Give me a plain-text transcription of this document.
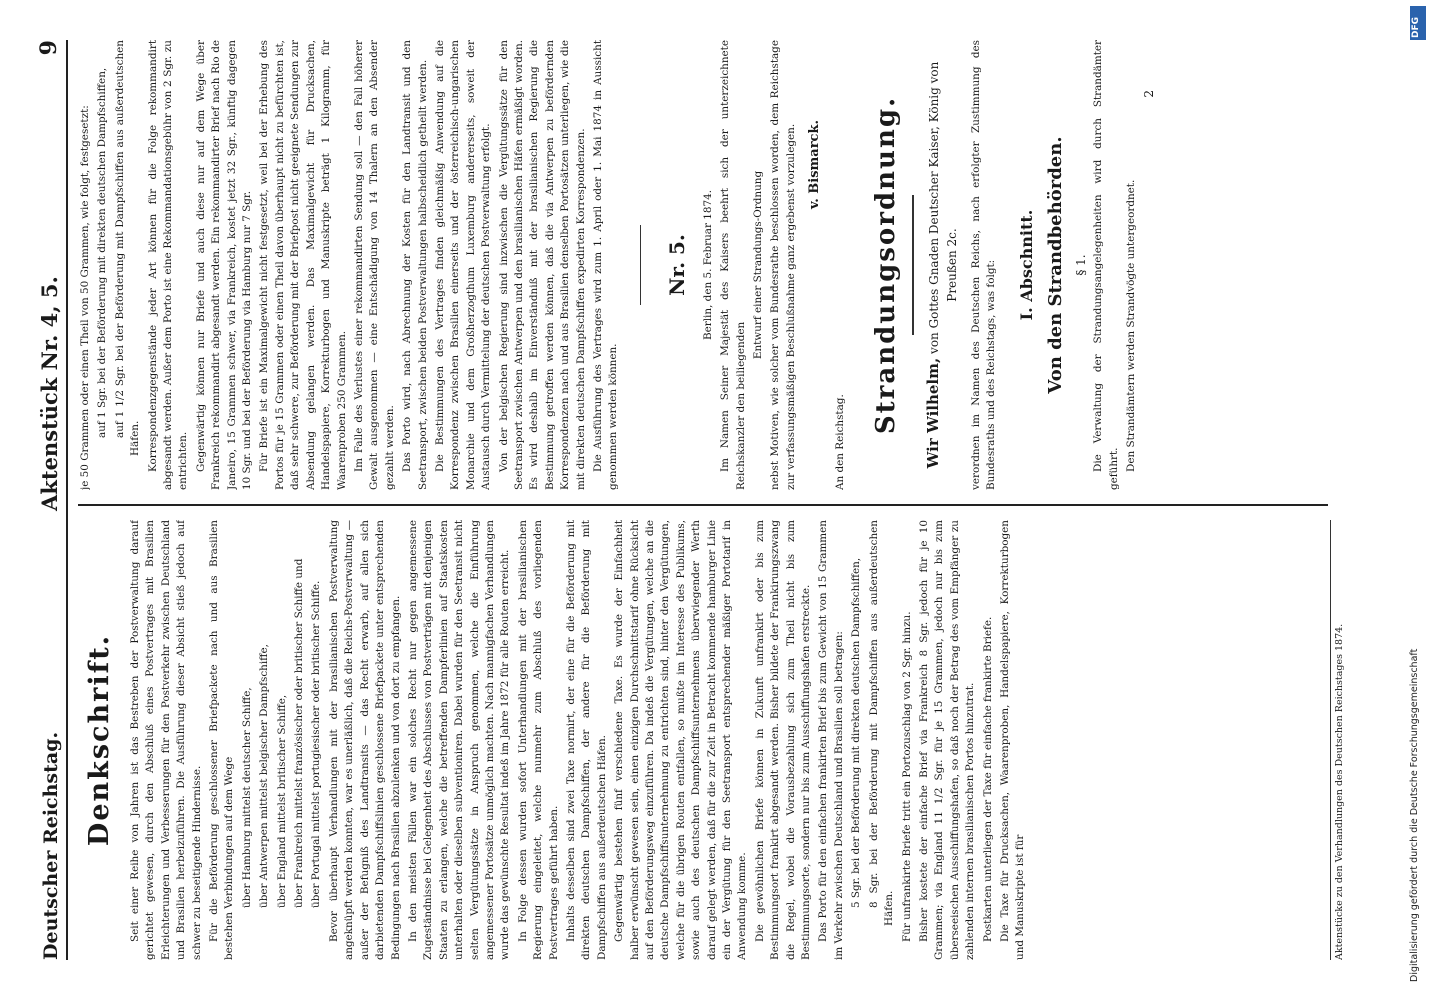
Deutscher Reichstag.
Aktenstück Nr. 4, 5.
9
Denkschrift.	Seit einer Reihe von Jahren ist das Bestreben der Postverwaltung darauf gerichtet gewesen, durch den Abschluß eines Postvertrages mit Brasilien Erleichterungen und Verbesserungen für den Postverkehr zwischen Deutschland und Brasilien herbeizuführen. Die Ausführung dieser Absicht stieß jedoch auf schwer zu beseitigende Hindernisse. Für die Beförderung geschlossener Briefpackete nach und aus Brasilien bestehen Verbindungen auf dem Wege über Hamburg mittelst deutscher Schiffe, über Antwerpen mittelst belgischer Dampfschiffe, über England mittelst britischer Schiffe, über Frankreich mittelst französischer oder britischer Schiffe und über Portugal mittelst portugiesischer oder britischer Schiffe. Bevor überhaupt Verhandlungen mit der brasilianischen Postverwaltung angeknüpft werden konnten, war es unerläßlich, daß die Reichs-Postverwaltung — außer der Befugniß des Landtransits — das Recht erwarb, auf allen sich darbietenden Dampfschiffslinien geschlossene Briefpackete unter entsprechenden Bedingungen nach Brasilien abzulenken und von dort zu empfangen. In den meisten Fällen war ein solches Recht nur gegen angemessene Zugeständnisse bei Gelegenheit des Abschlusses von Postverträgen mit denjenigen Staaten zu erlangen, welche die betreffenden Dampferlinien auf Staatskosten unterhalten oder dieselben subventioniren. Dabei wurden für den Seetransit nicht selten Vergütungssätze in Anspruch genommen, welche die Einführung angemessener Portosätze unmöglich machten. Nach mannigfachen Verhandlungen wurde das gewünschte Resultat indeß im Jahre 1872 für alle Routen erreicht. In Folge dessen wurden sofort Unterhandlungen mit der brasilianischen Regierung eingeleitet, welche nunmehr zum Abschluß des vorliegenden Postvertrages geführt haben. Inhalts desselben sind zwei Taxe normirt, der eine für die Beförderung mit direkten deutschen Dampfschiffen, der andere für die Beförderung mit Dampfschiffen aus außerdeutschen Häfen. Gegenwärtig bestehen fünf verschiedene Taxe. Es wurde der Einfachheit halber erwünscht gewesen sein, einen einzigen Durchschnittstarif ohne Rücksicht auf den Beförderungsweg einzuführen. Da indeß die Vergütungen, welche an die deutsche Dampfschiffsunternehmung zu entrichten sind, hinter den Vergütungen, welche für die übrigen Routen entfallen, so mußte im Interesse des Publikums, sowie auch des deutschen Dampfschiffsunternehmens überwiegender Werth darauf gelegt werden, daß für die zur Zeit in Betracht kommende hamburger Linie ein der Vergütung für den Seetransport entsprechender mäßiger Portotarif in Anwendung komme. Die gewöhnlichen Briefe können in Zukunft unfrankirt oder bis zum Bestimmungsort frankirt abgesandt werden. Bisher bildete der Frankirungszwang die Regel, wobei die Vorausbezahlung sich zum Theil nicht bis zum Bestimmungsorte, sondern nur bis zum Ausschiffungshafen erstreckte. Das Porto für den einfachen frankirten Brief bis zum Gewicht von 15 Grammen im Verkehr zwischen Deutschland und Brasilien soll betragen: 5 Sgr. bei der Beförderung mit direkten deutschen Dampfschiffen, 8 Sgr. bei der Beförderung mit Dampfschiffen aus außerdeutschen Häfen. Für unfrankirte Briefe tritt ein Portozuschlag von 2 Sgr. hinzu. Bisher kostete der einfache Brief via Frankreich 8 Sgr. jedoch für je 10 Grammen; via England 11 1/2 Sgr. für je 15 Grammen, jedoch nur bis zum überseeischen Ausschiffungshafen, so daß noch der Betrag des vom Empfänger zu zahlenden internen brasilianischen Portos hinzutrat. Postkarten unterliegen der Taxe für einfache frankirte Briefe. Die Taxe für Drucksachen, Waarenproben, Handelspapiere, Korrekturbogen und Manuskripte ist für	Aktenstücke zu den Verhandlungen des Deutschen Reichstages 1874.

je 50 Grammen oder einen Theil von 50 Grammen, wie folgt, festgesetzt: auf 1 Sgr. bei der Beförderung mit direkten deutschen Dampfschiffen, auf 1 1/2 Sgr. bei der Beförderung mit Dampfschiffen aus außerdeutschen Häfen. Korrespondenzgegenstände jeder Art können für die Folge rekommandirt abgesandt werden. Außer dem Porto ist eine Rekommandationsgebühr von 2 Sgr. zu entrichten. Gegenwärtig können nur Briefe und auch diese nur auf dem Wege über Frankreich rekommandirt abgesandt werden. Ein rekommandirter Brief nach Rio de Janeiro, 15 Grammen schwer, via Frankreich, kostet jetzt 32 Sgr., künftig dagegen 10 Sgr. und bei der Beförderung via Hamburg nur 7 Sgr. Für Briefe ist ein Maximalgewicht nicht festgesetzt, weil bei der Erhebung des Portos für je 15 Grammen oder einen Theil davon überhaupt nicht zu befürchten ist, daß sehr schwere, zur Beförderung mit der Briefpost nicht geeignete Sendungen zur Absendung gelangen werden. Das Maximalgewicht für Drucksachen, Handelspapiere, Korrekturbogen und Manuskripte beträgt 1 Kilogramm, für Waarenproben 250 Grammen. Im Falle des Verlustes einer rekommandirten Sendung soll — den Fall höherer Gewalt ausgenommen — eine Entschädigung von 14 Thalern an den Absender gezahlt werden. Das Porto wird, nach Abrechnung der Kosten für den Landtransit und den Seetransport, zwischen beiden Postverwaltungen halbscheidlich getheilt werden. Die Bestimmungen des Vertrages finden gleichmäßig Anwendung auf die Korrespondenz zwischen Brasilien einerseits und der österreichisch-ungarischen Monarchie und dem Großherzogthum Luxemburg andererseits, soweit der Austausch durch Vermittelung der deutschen Postverwaltung erfolgt. Von der belgischen Regierung sind inzwischen die Vergütungssätze für den Seetransport zwischen Antwerpen und den brasilianischen Häfen ermäßigt worden. Es wird deshalb im Einverständniß mit der brasilianischen Regierung die Bestimmung getroffen werden können, daß die via Antwerpen zu befördernden Korrespondenzen nach und aus Brasilien denselben Portosätzen unterliegen, wie die mit direkten deutschen Dampfschiffen expedirten Korrespondenzen. Die Ausführung des Vertrages wird zum 1. April oder 1. Mai 1874 in Aussicht genommen werden können.

Nr. 5.	Berlin, den 5. Februar 1874. Im Namen Seiner Majestät des Kaisers beehrt sich der unterzeichnete Reichskanzler den beiliegenden

Entwurf einer Strandungs-Ordnung nebst Motiven, wie solcher vom Bundesrathe beschlossen worden, dem Reichstage zur verfassungsmäßigen Beschlußnahme ganz ergebenst vorzulegen. v. Bismarck.

An den Reichstag.

Strandungsordnung.	Wir Wilhelm, von Gottes Gnaden Deutscher Kaiser, König von Preußen 2c. verordnen im Namen des Deutschen Reichs, nach erfolgter Zustimmung des Bundesraths und des Reichstags, was folgt: I. Abschnitt. Von den Strandbehörden. § 1. Die Verwaltung der Strandungsangelegenheiten wird durch Strandämter geführt. Den Strandämtern werden Strandvögte untergeordnet.

2
DFG
Digitalisierung gefördert durch die Deutsche Forschungsgemeinschaft
